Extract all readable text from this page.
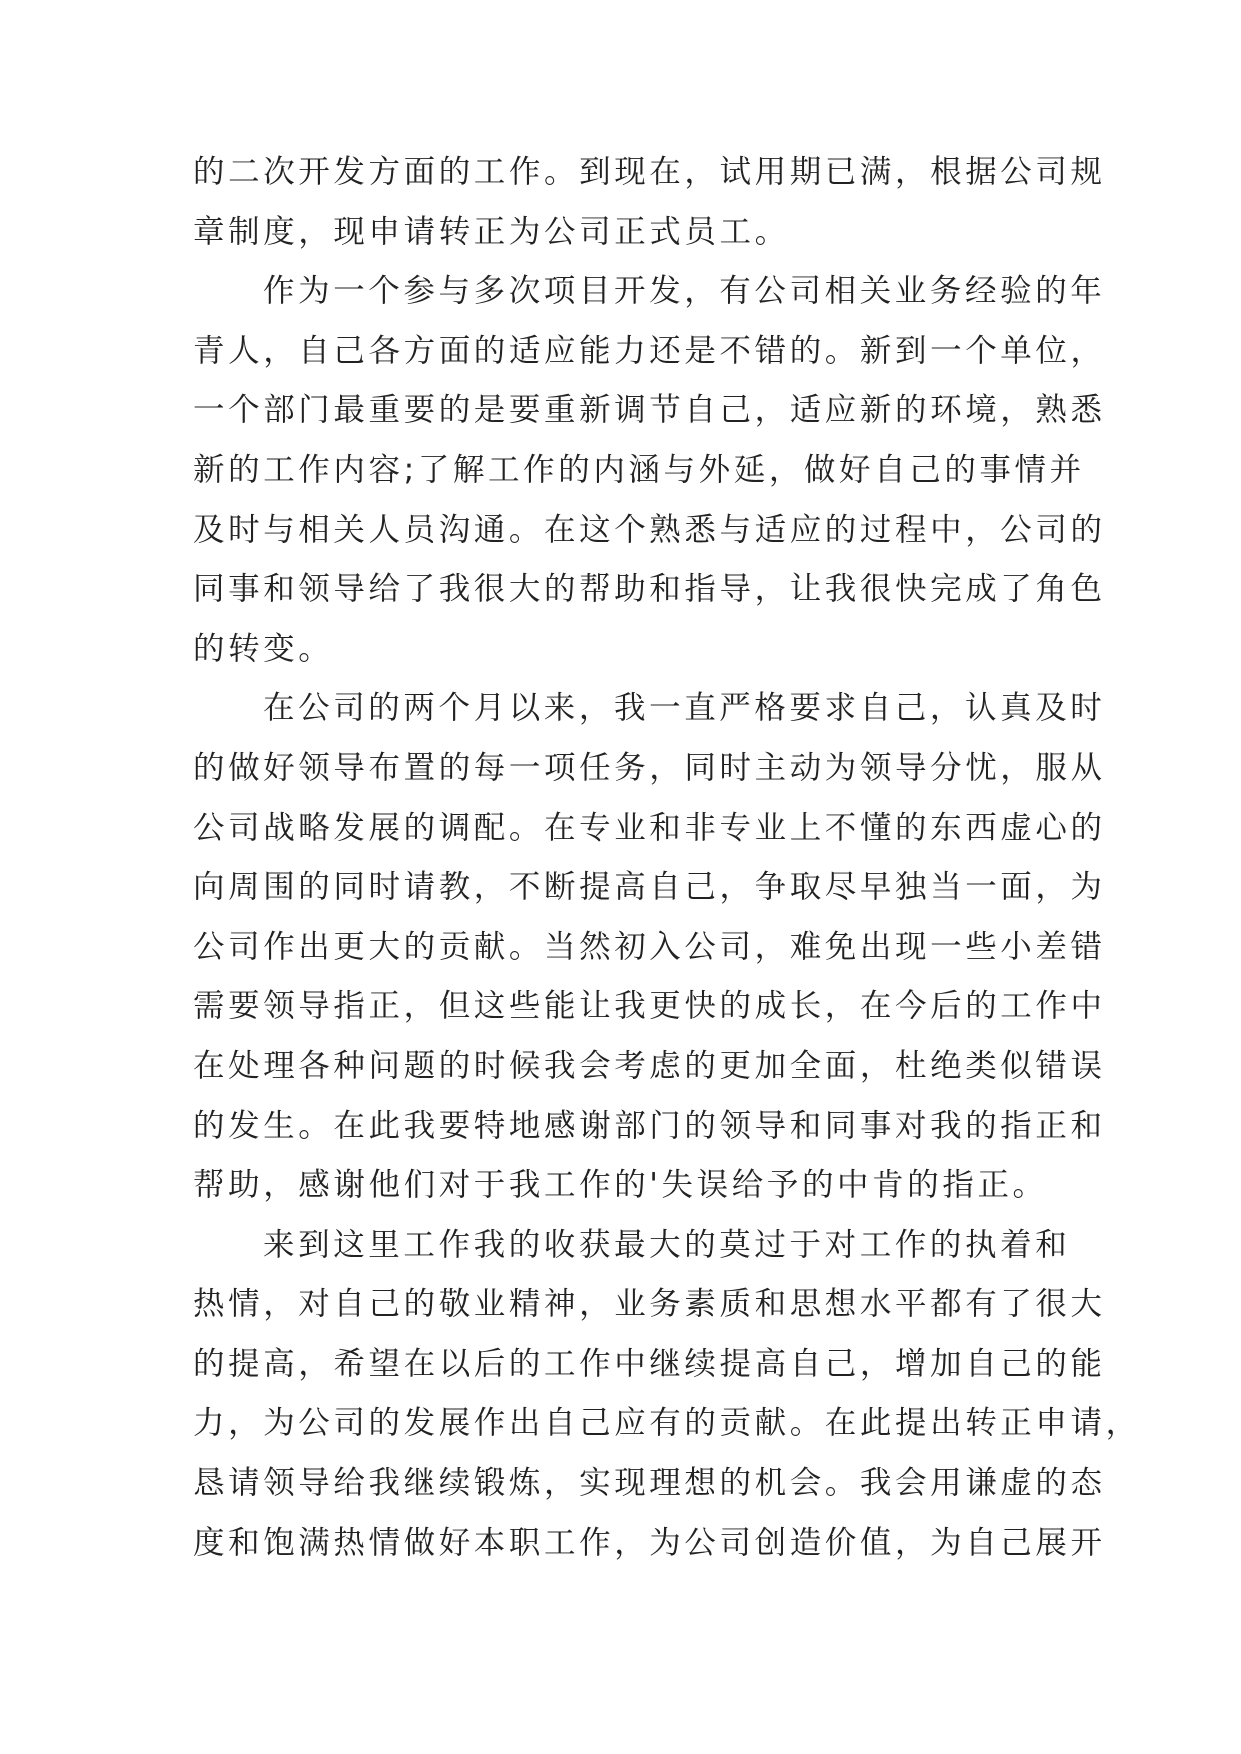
的二次开发方面的工作。到现在，试用期已满，根据公司规
章制度，现申请转正为公司正式员工。
作为一个参与多次项目开发，有公司相关业务经验的年
青人，自己各方面的适应能力还是不错的。新到一个单位，
一个部门最重要的是要重新调节自己，适应新的环境，熟悉
新的工作内容;了解工作的内涵与外延，做好自己的事情并
及时与相关人员沟通。在这个熟悉与适应的过程中，公司的
同事和领导给了我很大的帮助和指导，让我很快完成了角色
的转变。
在公司的两个月以来，我一直严格要求自己，认真及时
的做好领导布置的每一项任务，同时主动为领导分忧，服从
公司战略发展的调配。在专业和非专业上不懂的东西虚心的
向周围的同时请教，不断提高自己，争取尽早独当一面，为
公司作出更大的贡献。当然初入公司，难免出现一些小差错
需要领导指正，但这些能让我更快的成长，在今后的工作中
在处理各种问题的时候我会考虑的更加全面，杜绝类似错误
的发生。在此我要特地感谢部门的领导和同事对我的指正和
帮助，感谢他们对于我工作的'失误给予的中肯的指正。
来到这里工作我的收获最大的莫过于对工作的执着和
热情，对自己的敬业精神，业务素质和思想水平都有了很大
的提高，希望在以后的工作中继续提高自己，增加自己的能
力，为公司的发展作出自己应有的贡献。在此提出转正申请，
恳请领导给我继续锻炼，实现理想的机会。我会用谦虚的态
度和饱满热情做好本职工作，为公司创造价值，为自己展开
